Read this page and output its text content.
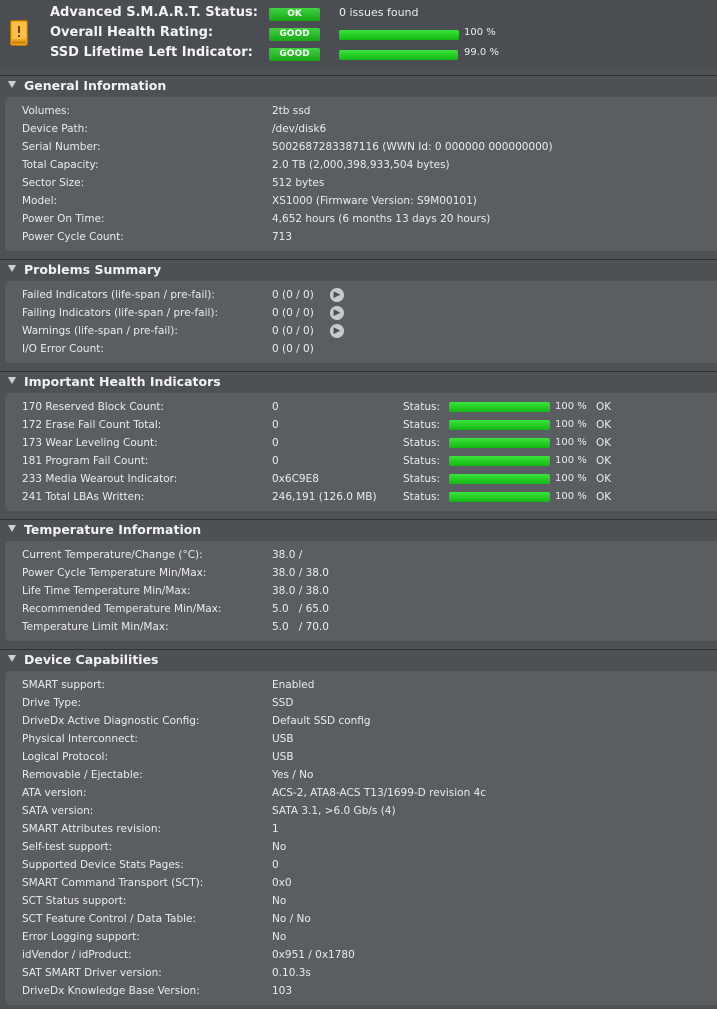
Advanced S.M.A.R.T. Status:	OK	0 issues found
Overall Health Rating:	GOOD	100 %
SSD Lifetime Left Indicator:	GOOD	99.0 %
General Information
Volumes:	2tb ssd
Device Path:	/dev/disk6
Serial Number:	5002687283387116 (WWN Id: 0 000000 000000000)
Total Capacity:	2.0 TB (2,000,398,933,504 bytes)
Sector Size:	512 bytes
Model:	XS1000 (Firmware Version: S9M00101)
Power On Time:	4,652 hours (6 months 13 days 20 hours)
Power Cycle Count:	713
Problems Summary
Failed Indicators (life-span / pre-fail):	0 (0 / 0)	▶
Failing Indicators (life-span / pre-fail):	0 (0 / 0)	▶
Warnings (life-span / pre-fail):	0 (0 / 0)	▶
I/O Error Count:	0 (0 / 0)
Important Health Indicators
170 Reserved Block Count:	0	Status:	100 % OK
172 Erase Fail Count Total:	0	Status:	100 % OK
173 Wear Leveling Count:	0	Status:	100 % OK
181 Program Fail Count:	0	Status:	100 % OK
233 Media Wearout Indicator:	0x6C9E8	Status:	100 % OK
241 Total LBAs Written:	246,191 (126.0 MB)	Status:	100 % OK
Temperature Information
Current Temperature/Change (°C):	38.0 /
Power Cycle Temperature Min/Max:	38.0 / 38.0
Life Time Temperature Min/Max:	38.0 / 38.0
Recommended Temperature Min/Max:	5.0   / 65.0
Temperature Limit Min/Max:	5.0   / 70.0
Device Capabilities
SMART support:	Enabled
Drive Type:	SSD
DriveDx Active Diagnostic Config:	Default SSD config
Physical Interconnect:	USB
Logical Protocol:	USB
Removable / Ejectable:	Yes / No
ATA version:	ACS-2, ATA8-ACS T13/1699-D revision 4c
SATA version:	SATA 3.1, >6.0 Gb/s (4)
SMART Attributes revision:	1
Self-test support:	No
Supported Device Stats Pages:	0
SMART Command Transport (SCT):	0x0
SCT Status support:	No
SCT Feature Control / Data Table:	No / No
Error Logging support:	No
idVendor / idProduct:	0x951 / 0x1780
SAT SMART Driver version:	0.10.3s
DriveDx Knowledge Base Version:	103
